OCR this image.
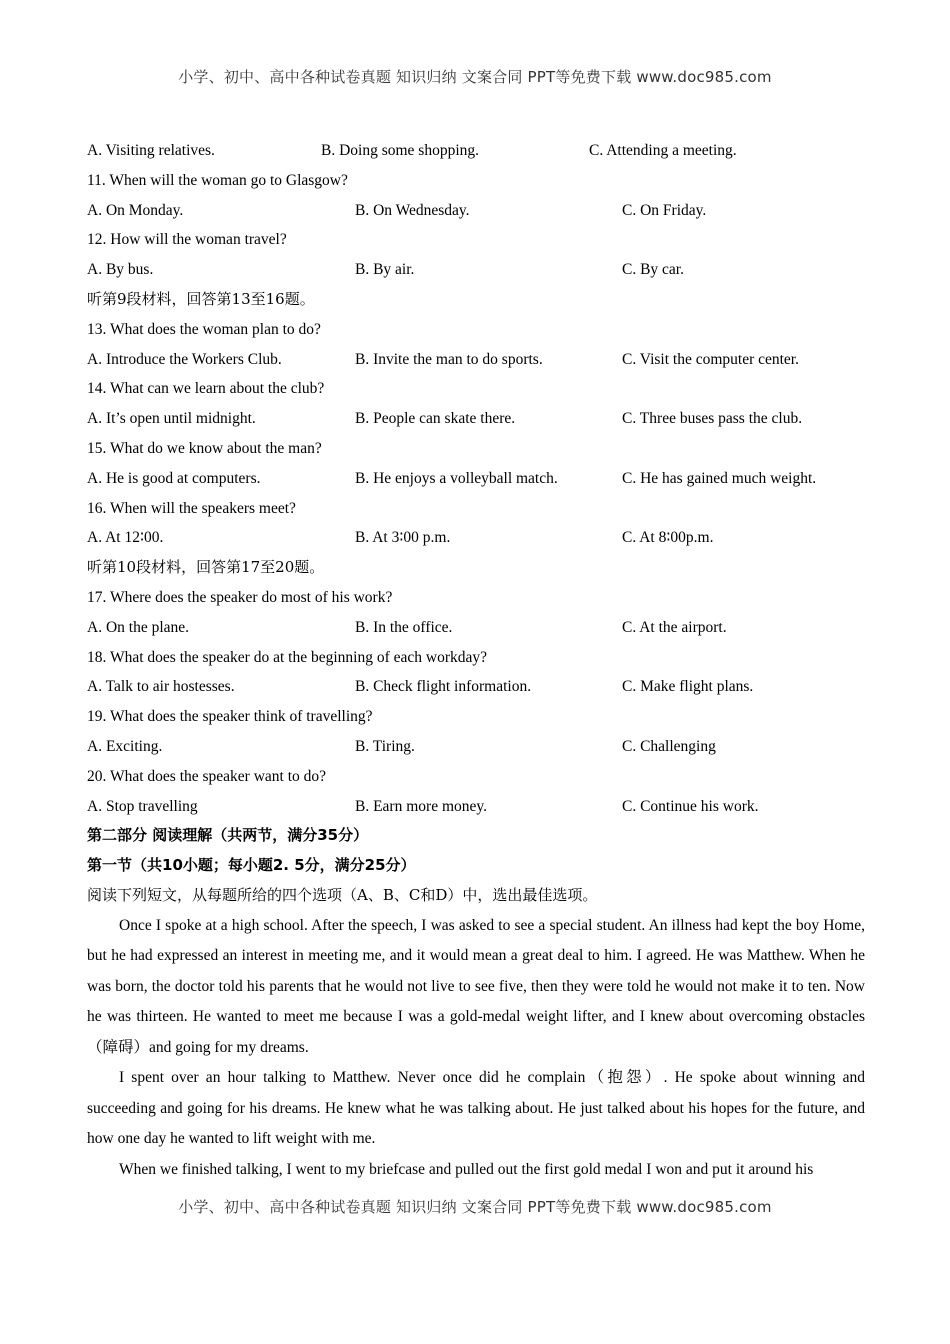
小学、初中、高中各种试卷真题 知识归纳 文案合同 PPT等免费下载 www.doc985.com
A. Visiting relatives.	B. Doing some shopping.	C. Attending a meeting.
11. When will the woman go to Glasgow?
A. On Monday.	B. On Wednesday.	C. On Friday.
12. How will the woman travel?
A. By bus.	B. By air.	C. By car.
听第9段材料，回答第13至16题。
13. What does the woman plan to do?
A. Introduce the Workers Club.	B. Invite the man to do sports.	C. Visit the computer center.
14. What can we learn about the club?
A. It’s open until midnight.	B. People can skate there.	C. Three buses pass the club.
15. What do we know about the man?
A. He is good at computers.	B. He enjoys a volleyball match.	C. He has gained much weight.
16. When will the speakers meet?
A. At 12∶00.	B. At 3∶00 p.m.	C. At 8∶00p.m.
听第10段材料，回答第17至20题。
17. Where does the speaker do most of his work?
A. On the plane.	B. In the office.	C. At the airport.
18. What does the speaker do at the beginning of each workday?
A. Talk to air hostesses.	B. Check flight information.	C. Make flight plans.
19. What does the speaker think of travelling?
A. Exciting.	B. Tiring.	C. Challenging
20. What does the speaker want to do?
A. Stop travelling	B. Earn more money.	C. Continue his work.
第二部分 阅读理解（共两节，满分35分）
第一节（共10小题；每小题2. 5分，满分25分）
阅读下列短文，从每题所给的四个选项（A、B、C和D）中，选出最佳选项。

Once I spoke at a high school. After the speech, I was asked to see a special student. An illness had kept the boy Home, but he had expressed an interest in meeting me, and it would mean a great deal to him. I agreed. He was Matthew. When he was born, the doctor told his parents that he would not live to see five, then they were told he would not make it to ten. Now he was thirteen. He wanted to meet me because I was a gold-medal weight lifter, and I knew about overcoming obstacles（障碍）and going for my dreams.

I spent over an hour talking to Matthew. Never once did he complain（抱怨）. He spoke about winning and succeeding and going for his dreams. He knew what he was talking about. He just talked about his hopes for the future, and how one day he wanted to lift weight with me.

When we finished talking, I went to my briefcase and pulled out the first gold medal I won and put it around his

小学、初中、高中各种试卷真题 知识归纳 文案合同 PPT等免费下载 www.doc985.com
